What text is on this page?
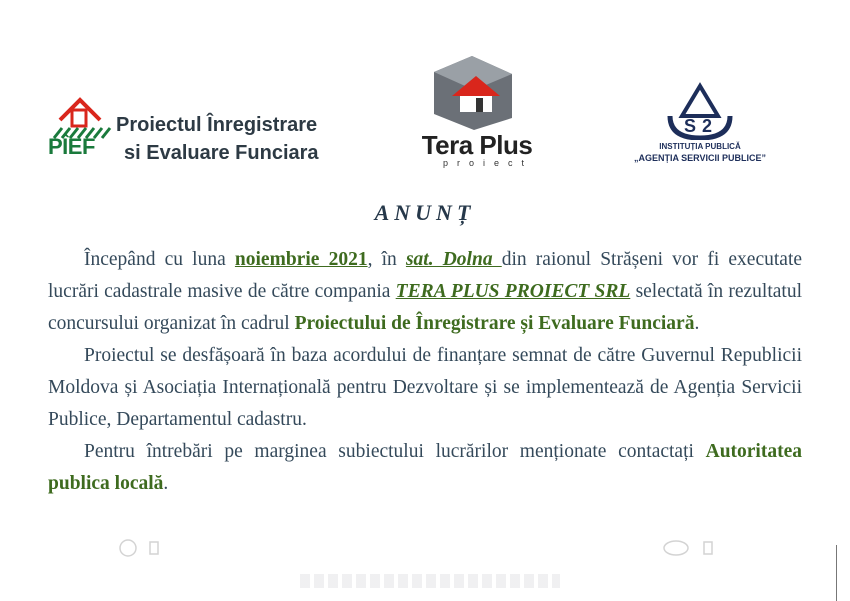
PÎEF
Proiectul Înregistrare
si Evaluare Funciara	Tera Plus
proiect
S 2
INSTITUȚIA PUBLICĂ
„AGENȚIA SERVICII PUBLICE”
ANUNȚ

Începând cu luna noiembrie 2021, în sat. Dolna din raionul Strășeni vor fi executate lucrări cadastrale masive de către compania TERA PLUS PROIECT SRL selectată în rezultatul concursului organizat în cadrul Proiectului de Înregistrare și Evaluare Funciară.

Proiectul se desfășoară în baza acordului de finanțare semnat de către Guvernul Republicii Moldova și Asociația Internațională pentru Dezvoltare și se implementează de Agenția Servicii Publice, Departamentul cadastru.

Pentru întrebări pe marginea subiectului lucrărilor menționate contactați Autoritatea publica locală.
